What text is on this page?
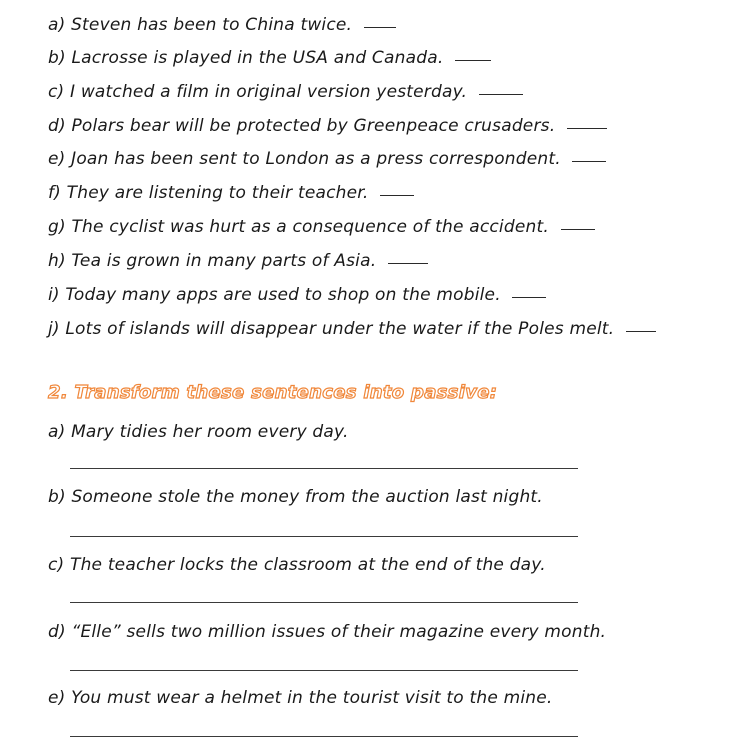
a) Steven has been to China twice.
b) Lacrosse is played in the USA and Canada.
c) I watched a film in original version yesterday.
d) Polars bear will be protected by Greenpeace crusaders.
e) Joan has been sent to London as a press correspondent.
f) They are listening to their teacher.
g) The cyclist was hurt as a consequence of the accident.
h) Tea is grown in many parts of Asia.
i) Today many apps are used to shop on the mobile.
j) Lots of islands will disappear under the water if the Poles melt.
2. Transform these sentences into passive:
a) Mary tidies her room every day.
b) Someone stole the money from the auction last night.
c) The teacher locks the classroom at the end of the day.
d) “Elle” sells two million issues of their magazine every month.
e) You must wear a helmet in the tourist visit to the mine.
